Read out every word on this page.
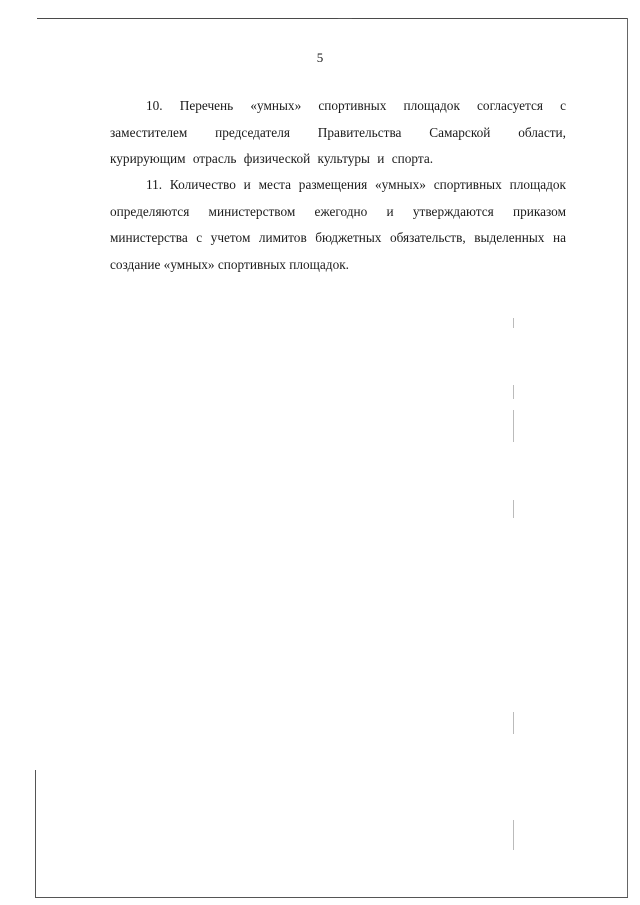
5

10. Перечень «умных» спортивных площадок согласуется с заместителем председателя Правительства Самарской области, курирующим отрасль физической культуры и спорта.

11. Количество и места размещения «умных» спортивных площадок определяются министерством ежегодно и утверждаются приказом министерства с учетом лимитов бюджетных обязательств, выделенных на создание «умных» спортивных площадок.
